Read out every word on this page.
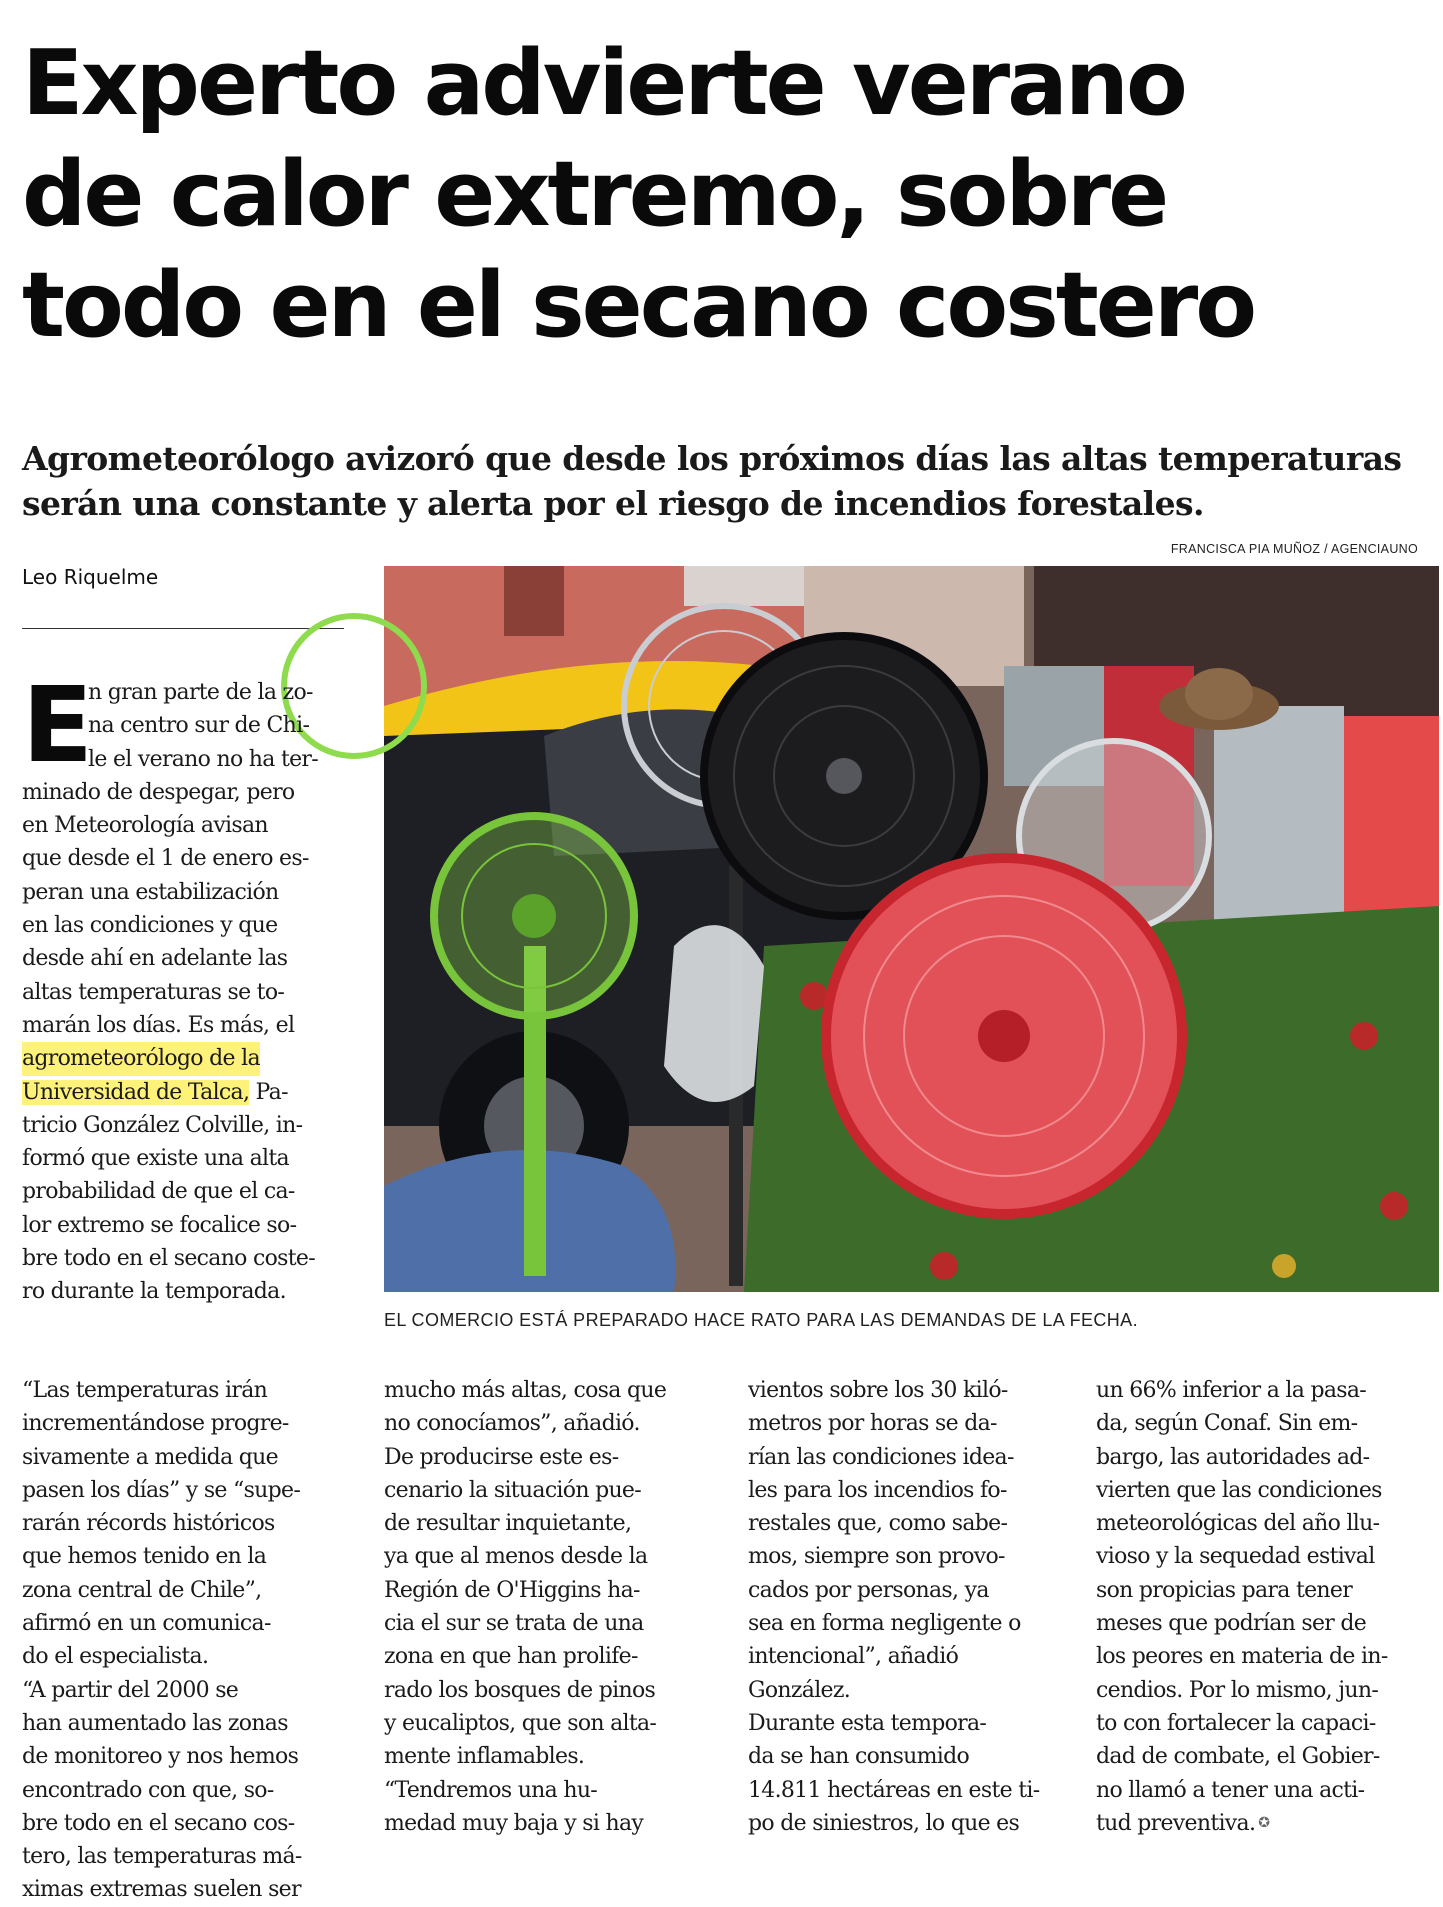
Experto advierte verano
de calor extremo, sobre
todo en el secano costero
Agrometeorólogo avizoró que desde los próximos días las altas temperaturas
serán una constante y alerta por el riesgo de incendios forestales.
FRANCISCA PIA MUÑOZ / AGENCIAUNO
Leo Riquelme
EL COMERCIO ESTÁ PREPARADO HACE RATO PARA LAS DEMANDAS DE LA FECHA.
E
n gran parte de la zo-
na centro sur de Chi-
le el verano no ha ter-
minado de despegar, pero
en Meteorología avisan
que desde el 1 de enero es-
peran una estabilización
en las condiciones y que
desde ahí en adelante las
altas temperaturas se to-
marán los días. Es más, el
agrometeorólogo de la
Universidad de Talca, Pa-
tricio González Colville, in-
formó que existe una alta
probabilidad de que el ca-
lor extremo se focalice so-
bre todo en el secano coste-
ro durante la temporada.
“Las temperaturas irán
incrementándose progre-
sivamente a medida que
pasen los días” y se “supe-
rarán récords históricos
que hemos tenido en la
zona central de Chile”,
afirmó en un comunica-
do el especialista.
“A partir del 2000 se
han aumentado las zonas
de monitoreo y nos hemos
encontrado con que, so-
bre todo en el secano cos-
tero, las temperaturas má-
ximas extremas suelen ser
mucho más altas, cosa que
no conocíamos”, añadió.
De producirse este es-
cenario la situación pue-
de resultar inquietante,
ya que al menos desde la
Región de O'Higgins ha-
cia el sur se trata de una
zona en que han prolife-
rado los bosques de pinos
y eucaliptos, que son alta-
mente inflamables.
“Tendremos una hu-
medad muy baja y si hay
vientos sobre los 30 kiló-
metros por horas se da-
rían las condiciones idea-
les para los incendios fo-
restales que, como sabe-
mos, siempre son provo-
cados por personas, ya
sea en forma negligente o
intencional”, añadió
González.
Durante esta tempora-
da se han consumido
14.811 hectáreas en este ti-
po de siniestros, lo que es
un 66% inferior a la pasa-
da, según Conaf. Sin em-
bargo, las autoridades ad-
vierten que las condiciones
meteorológicas del año llu-
vioso y la sequedad estival
son propicias para tener
meses que podrían ser de
los peores en materia de in-
cendios. Por lo mismo, jun-
to con fortalecer la capaci-
dad de combate, el Gobier-
no llamó a tener una acti-
tud preventiva. ✪
